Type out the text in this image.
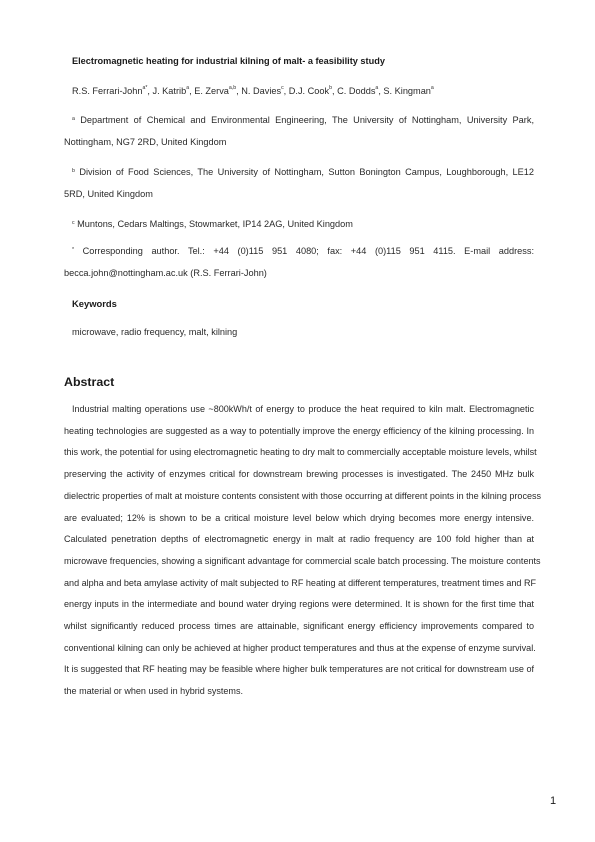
Electromagnetic heating for industrial kilning of malt- a feasibility study
R.S. Ferrari-John$^{a*}$, J. Katrib$^a$, E. Zerva$^{a,b}$, N. Davies$^c$, D.J. Cook$^b$, C. Dodds$^a$, S. Kingman$^a$
$^a$ Department of Chemical and Environmental Engineering, The University of Nottingham, University Park,
Nottingham, NG7 2RD, United Kingdom
$^b$ Division of Food Sciences, The University of Nottingham, Sutton Bonington Campus, Loughborough, LE12
5RD, United Kingdom
$^c$ Muntons, Cedars Maltings, Stowmarket, IP14 2AG, United Kingdom
* Corresponding author. Tel.: +44 (0)115 951 4080; fax: +44 (0)115 951 4115. E-mail address:
becca.john@nottingham.ac.uk (R.S. Ferrari-John)
Keywords
microwave, radio frequency, malt, kilning
Abstract
Industrial malting operations use ~800kWh/t of energy to produce the heat required to kiln malt. Electromagnetic
heating technologies are suggested as a way to potentially improve the energy efficiency of the kilning processing. In
this work, the potential for using electromagnetic heating to dry malt to commercially acceptable moisture levels, whilst
preserving the activity of enzymes critical for downstream brewing processes is investigated. The 2450 MHz bulk
dielectric properties of malt at moisture contents consistent with those occurring at different points in the kilning process
are evaluated; 12% is shown to be a critical moisture level below which drying becomes more energy intensive.
Calculated penetration depths of electromagnetic energy in malt at radio frequency are 100 fold higher than at
microwave frequencies, showing a significant advantage for commercial scale batch processing. The moisture contents
and alpha and beta amylase activity of malt subjected to RF heating at different temperatures, treatment times and RF
energy inputs in the intermediate and bound water drying regions were determined. It is shown for the first time that
whilst significantly reduced process times are attainable, significant energy efficiency improvements compared to
conventional kilning can only be achieved at higher product temperatures and thus at the expense of enzyme survival.
It is suggested that RF heating may be feasible where higher bulk temperatures are not critical for downstream use of
the material or when used in hybrid systems.
1
